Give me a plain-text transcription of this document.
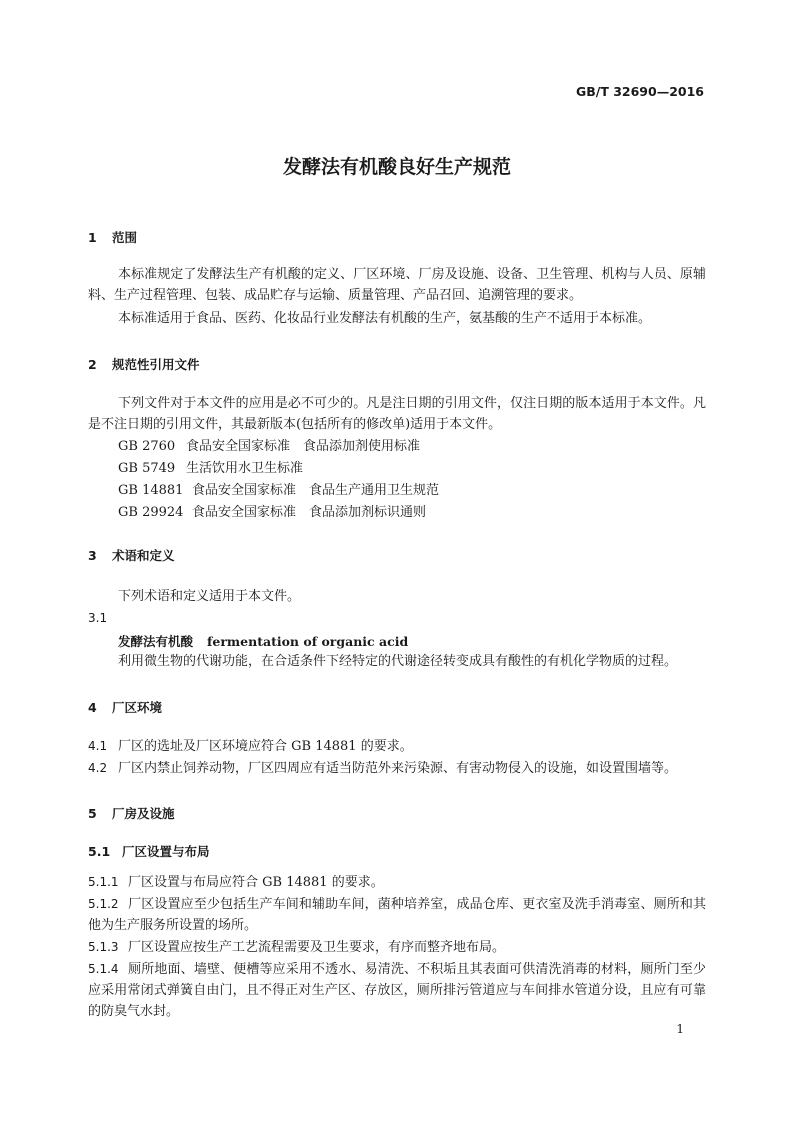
GB/T 32690—2016
发酵法有机酸良好生产规范
1 范围
本标准规定了发酵法生产有机酸的定义、厂区环境、厂房及设施、设备、卫生管理、机构与人员、原辅料、生产过程管理、包装、成品贮存与运输、质量管理、产品召回、追溯管理的要求。
本标准适用于食品、医药、化妆品行业发酵法有机酸的生产，氨基酸的生产不适用于本标准。
2 规范性引用文件
下列文件对于本文件的应用是必不可少的。凡是注日期的引用文件，仅注日期的版本适用于本文件。凡是不注日期的引用文件，其最新版本(包括所有的修改单)适用于本文件。
GB 2760 食品安全国家标准　食品添加剂使用标准
GB 5749 生活饮用水卫生标准
GB 14881 食品安全国家标准　食品生产通用卫生规范
GB 29924 食品安全国家标准　食品添加剂标识通则
3 术语和定义
下列术语和定义适用于本文件。
3.1
发酵法有机酸 fermentation of organic acid
利用微生物的代谢功能，在合适条件下经特定的代谢途径转变成具有酸性的有机化学物质的过程。
4 厂区环境
4.1 厂区的选址及厂区环境应符合 GB 14881 的要求。
4.2 厂区内禁止饲养动物，厂区四周应有适当防范外来污染源、有害动物侵入的设施，如设置围墙等。
5 厂房及设施
5.1 厂区设置与布局
5.1.1 厂区设置与布局应符合 GB 14881 的要求。
5.1.2 厂区设置应至少包括生产车间和辅助车间，菌种培养室，成品仓库、更衣室及洗手消毒室、厕所和其他为生产服务所设置的场所。
5.1.3 厂区设置应按生产工艺流程需要及卫生要求，有序而整齐地布局。
5.1.4 厕所地面、墙壁、便槽等应采用不透水、易清洗、不积垢且其表面可供清洗消毒的材料，厕所门至少应采用常闭式弹簧自由门，且不得正对生产区、存放区，厕所排污管道应与车间排水管道分设，且应有可靠的防臭气水封。
1
